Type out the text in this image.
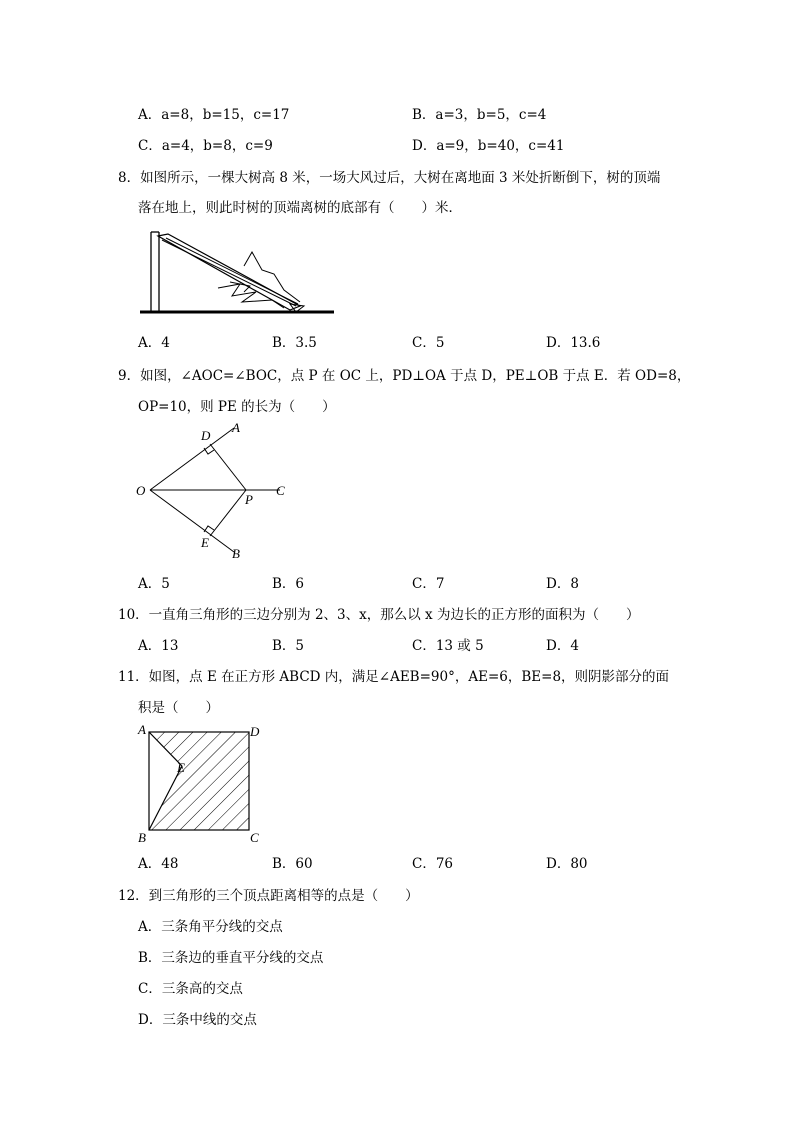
A．a=8，b=15，c=17	B．a=3，b=5，c=4
C．a=4，b=8，c=9	D．a=9，b=40，c=41
8．如图所示，一棵大树高 8 米，一场大风过后，大树在离地面 3 米处折断倒下，树的顶端
落在地上，则此时树的顶端离树的底部有（　　）米．
A．4	B．3.5	C．5	D．13.6
9．如图，∠AOC=∠BOC，点 P 在 OC 上，PD⊥OA 于点 D，PE⊥OB 于点 E．若 OD=8，
OP=10，则 PE 的长为（　　）
O
A
D
C
P
E
B
A．5	B．6	C．7	D．8
10．一直角三角形的三边分别为 2、3、x，那么以 x 为边长的正方形的面积为（　　）
A．13	B．5	C．13 或 5	D．4
11．如图，点 E 在正方形 ABCD 内，满足∠AEB=90°，AE=6，BE=8，则阴影部分的面
积是（　　）
A	D
E
B	C
A．48	B．60	C．76	D．80
12．到三角形的三个顶点距离相等的点是（　　）
A．三条角平分线的交点
B．三条边的垂直平分线的交点
C．三条高的交点
D．三条中线的交点
